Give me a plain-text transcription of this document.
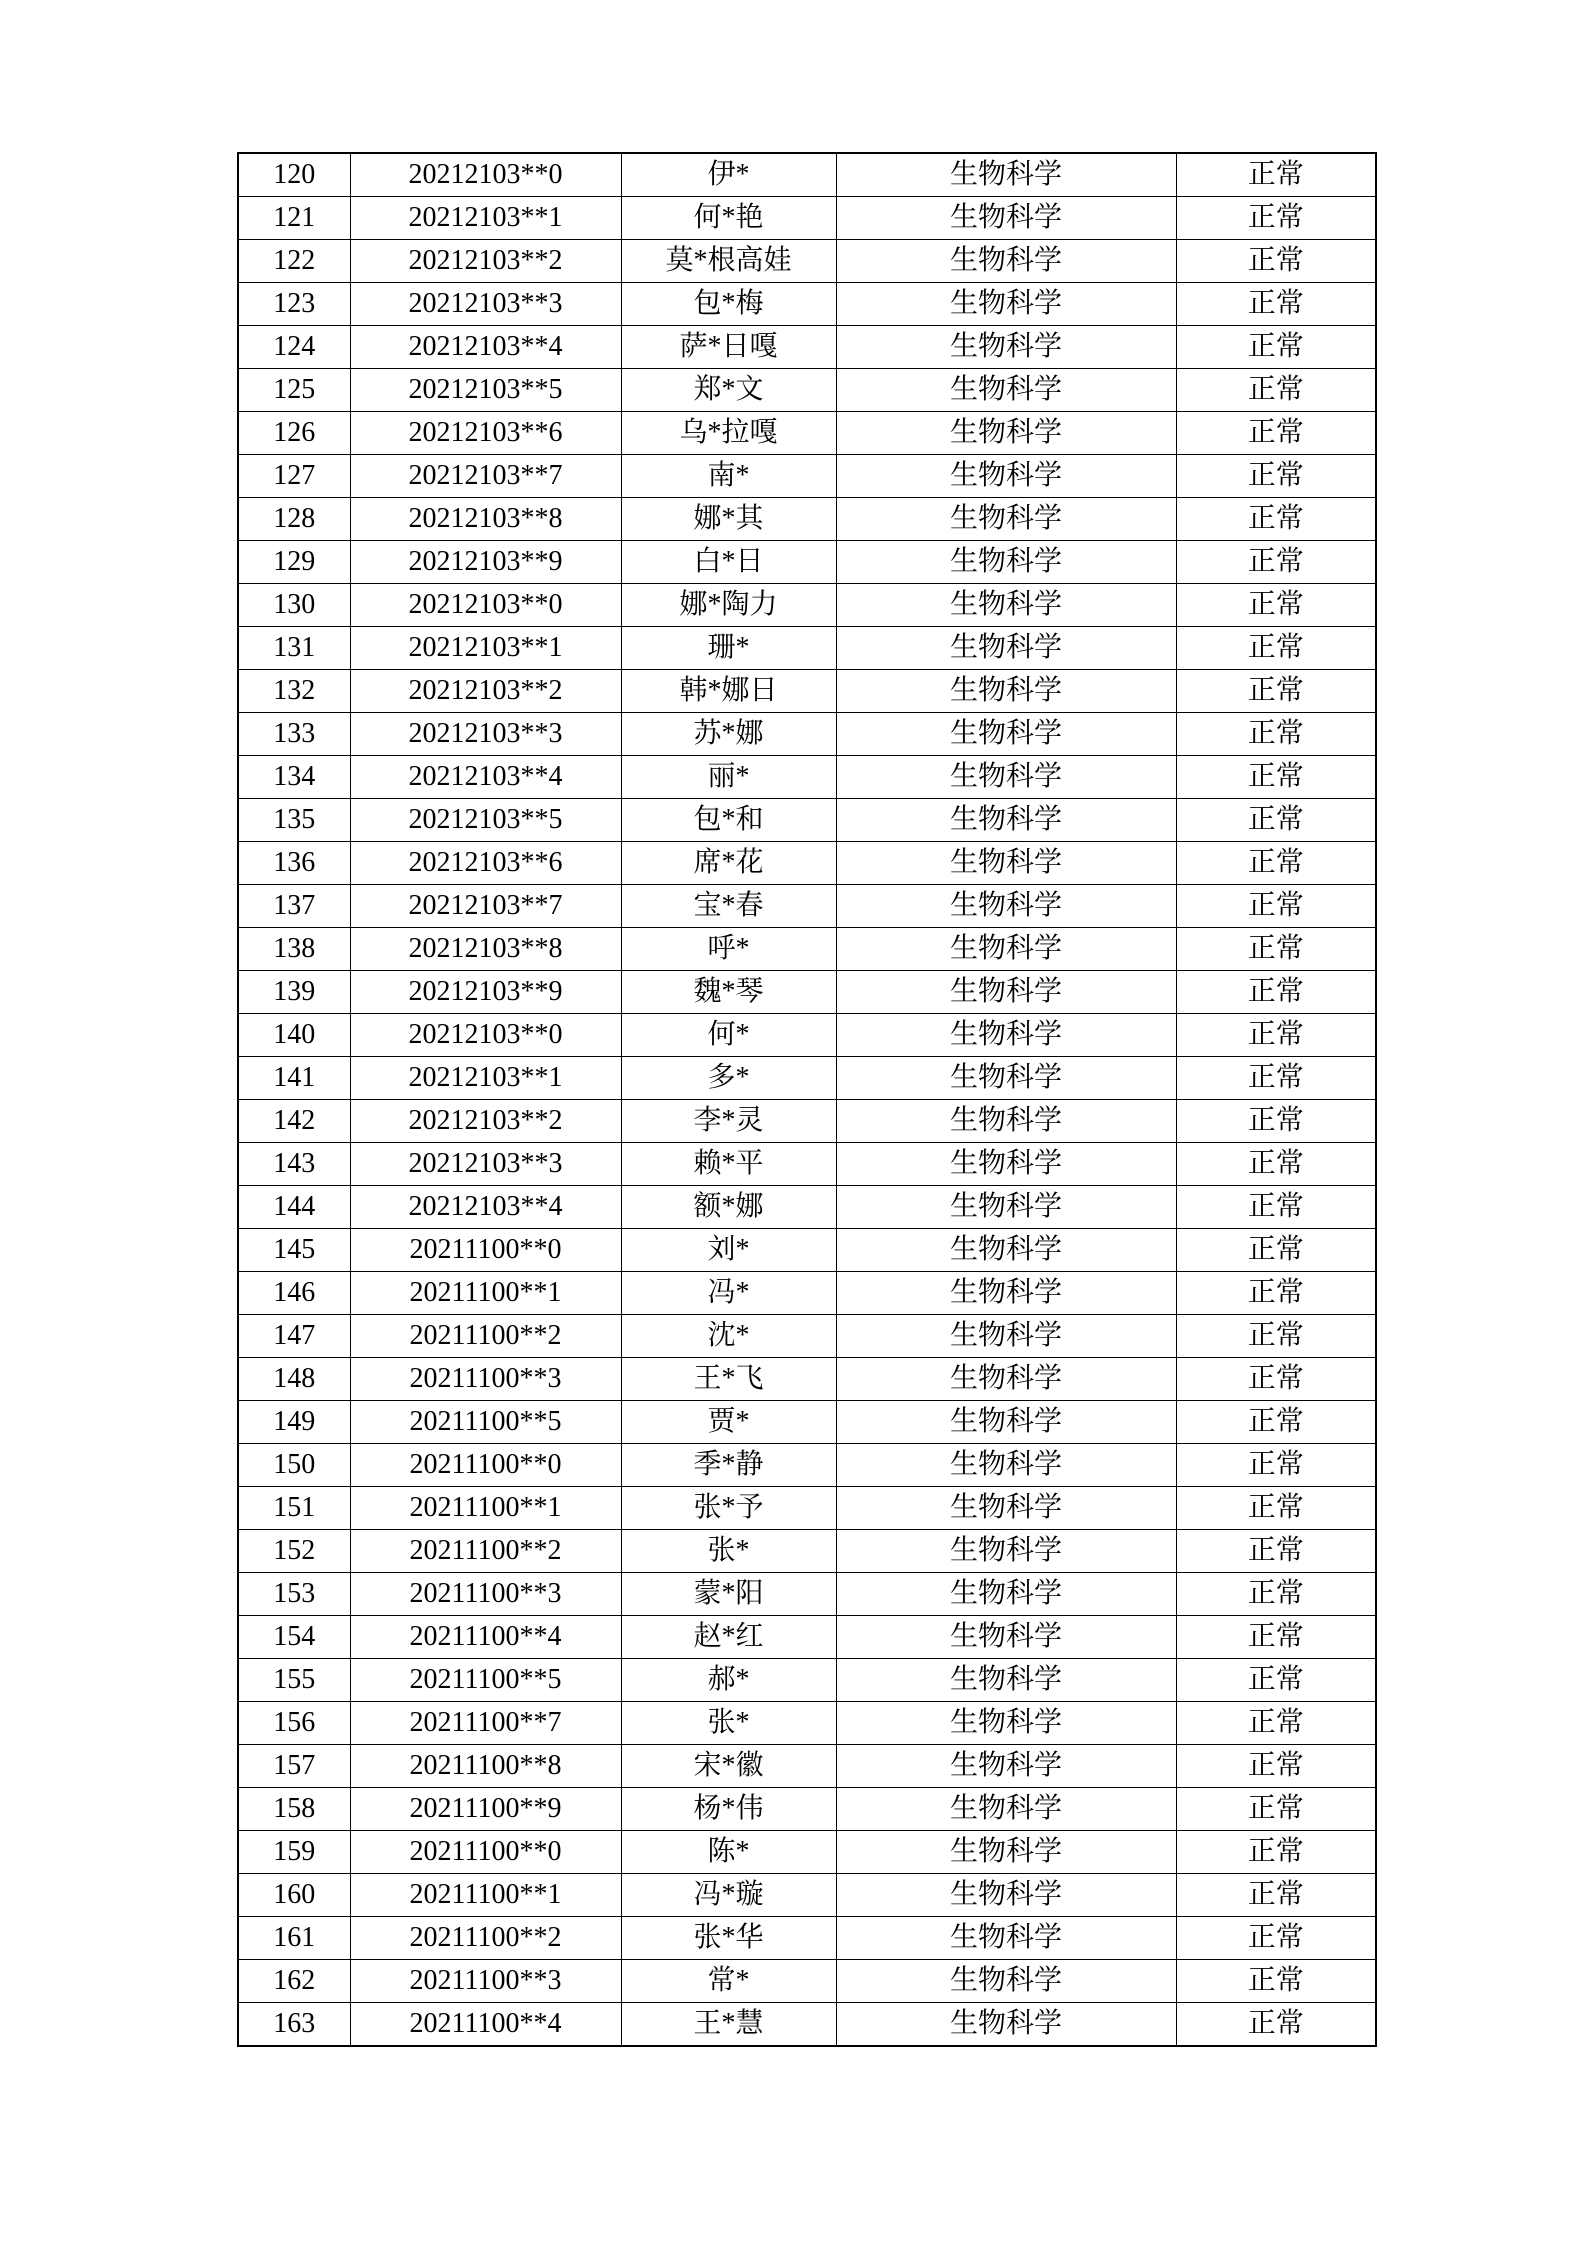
120	20212103**0	伊*	生物科学	正常
121	20212103**1	何*艳	生物科学	正常
122	20212103**2	莫*根高娃	生物科学	正常
123	20212103**3	包*梅	生物科学	正常
124	20212103**4	萨*日嘎	生物科学	正常
125	20212103**5	郑*文	生物科学	正常
126	20212103**6	乌*拉嘎	生物科学	正常
127	20212103**7	南*	生物科学	正常
128	20212103**8	娜*其	生物科学	正常
129	20212103**9	白*日	生物科学	正常
130	20212103**0	娜*陶力	生物科学	正常
131	20212103**1	珊*	生物科学	正常
132	20212103**2	韩*娜日	生物科学	正常
133	20212103**3	苏*娜	生物科学	正常
134	20212103**4	丽*	生物科学	正常
135	20212103**5	包*和	生物科学	正常
136	20212103**6	席*花	生物科学	正常
137	20212103**7	宝*春	生物科学	正常
138	20212103**8	呼*	生物科学	正常
139	20212103**9	魏*琴	生物科学	正常
140	20212103**0	何*	生物科学	正常
141	20212103**1	多*	生物科学	正常
142	20212103**2	李*灵	生物科学	正常
143	20212103**3	赖*平	生物科学	正常
144	20212103**4	额*娜	生物科学	正常
145	20211100**0	刘*	生物科学	正常
146	20211100**1	冯*	生物科学	正常
147	20211100**2	沈*	生物科学	正常
148	20211100**3	王*飞	生物科学	正常
149	20211100**5	贾*	生物科学	正常
150	20211100**0	季*静	生物科学	正常
151	20211100**1	张*予	生物科学	正常
152	20211100**2	张*	生物科学	正常
153	20211100**3	蒙*阳	生物科学	正常
154	20211100**4	赵*红	生物科学	正常
155	20211100**5	郝*	生物科学	正常
156	20211100**7	张*	生物科学	正常
157	20211100**8	宋*徽	生物科学	正常
158	20211100**9	杨*伟	生物科学	正常
159	20211100**0	陈*	生物科学	正常
160	20211100**1	冯*璇	生物科学	正常
161	20211100**2	张*华	生物科学	正常
162	20211100**3	常*	生物科学	正常
163	20211100**4	王*慧	生物科学	正常
